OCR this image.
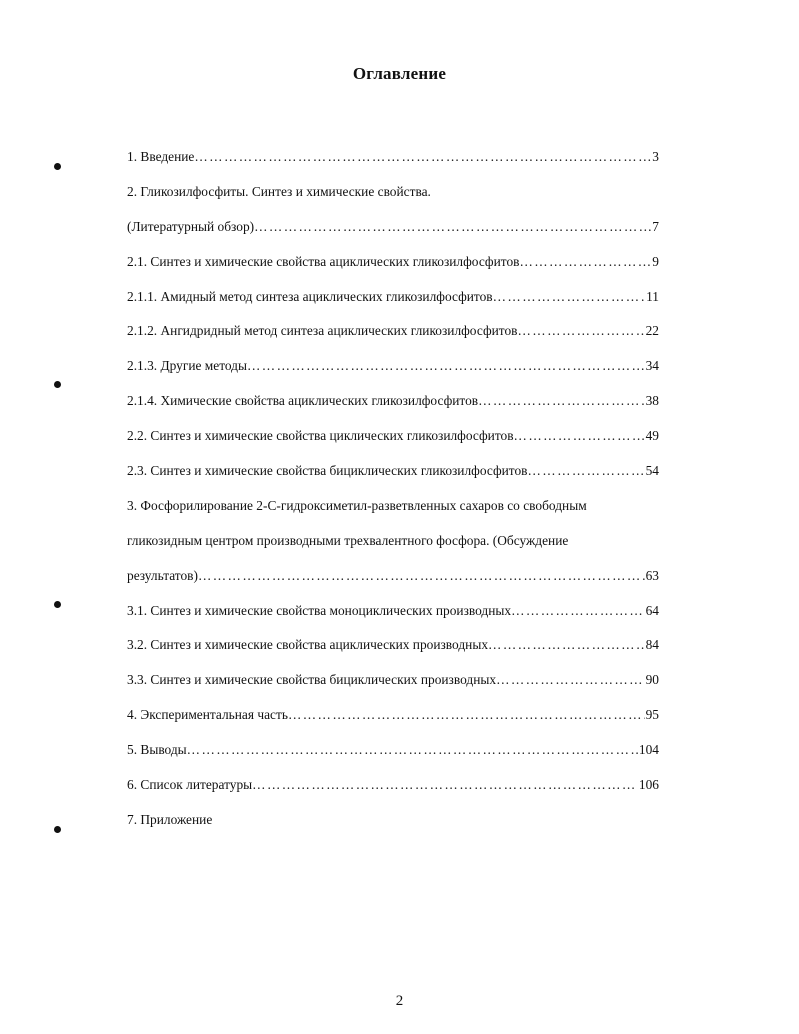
Оглавление
1. Введение …………………………………………………………………………………………………………………………………………………………	3
2. Гликозилфосфиты. Синтез и химические свойства.
(Литературный обзор) …………………………………………………………………………………………………………………………………………………………	7
2.1. Синтез и химические свойства ациклических гликозилфосфитов …………………………………………………………………………………………………………………………………………………………	9
2.1.1. Амидный метод синтеза ациклических гликозилфосфитов …………………………………………………………………………………………………………………………………………………………	11
2.1.2. Ангидридный метод синтеза ациклических гликозилфосфитов …………………………………………………………………………………………………………………………………………………………	22
2.1.3. Другие методы …………………………………………………………………………………………………………………………………………………………	34
2.1.4. Химические свойства ациклических гликозилфосфитов …………………………………………………………………………………………………………………………………………………………	38
2.2. Синтез и химические свойства циклических гликозилфосфитов …………………………………………………………………………………………………………………………………………………………	49
2.3. Синтез и химические свойства бициклических гликозилфосфитов …………………………………………………………………………………………………………………………………………………………	54
3. Фосфорилирование 2-С-гидроксиметил-разветвленных сахаров со свободным
гликозидным центром производными трехвалентного фосфора. (Обсуждение
результатов) …………………………………………………………………………………………………………………………………………………………	63
3.1. Синтез и химические свойства моноциклических производных …………………………………………………………………………………………………………………………………………………………	64
3.2. Синтез и химические свойства ациклических производных …………………………………………………………………………………………………………………………………………………………	84
3.3. Синтез и химические свойства бициклических производных …………………………………………………………………………………………………………………………………………………………	90
4. Экспериментальная часть …………………………………………………………………………………………………………………………………………………………	95
5. Выводы …………………………………………………………………………………………………………………………………………………………	104
6. Список литературы …………………………………………………………………………………………………………………………………………………………	106
7. Приложение
2
